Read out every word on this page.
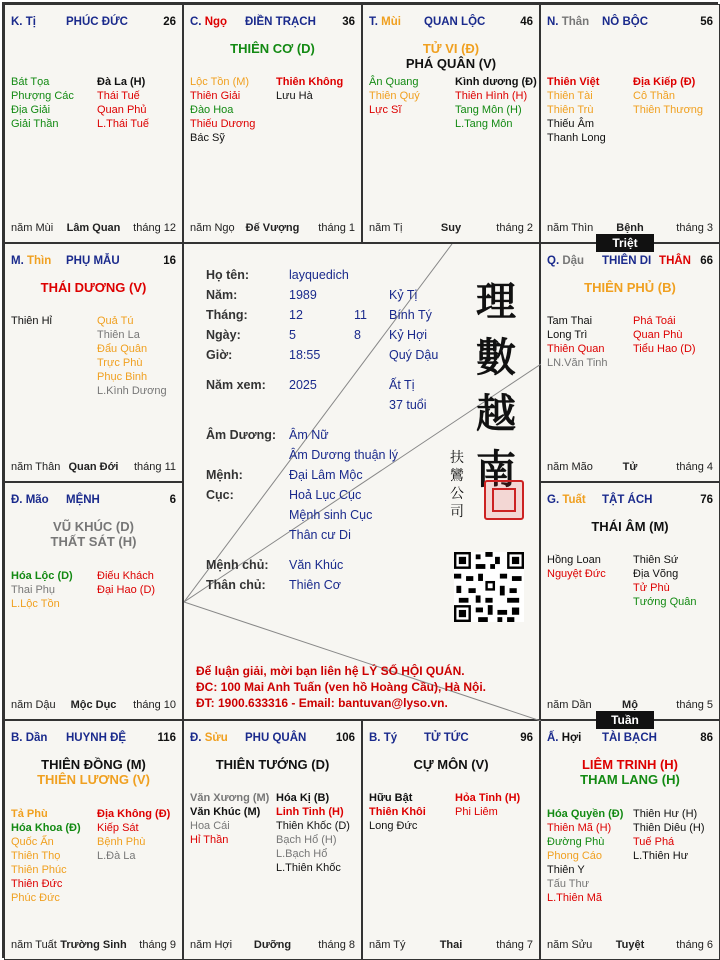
K. Tị	PHÚC ĐỨC	26
Bát Tọa
Phượng Các
Địa Giải
Giải Thần
Đà La (H)
Thái Tuế
Quan Phủ
L.Thái Tuế
Lâm Quan
năm Mùi	tháng 12
C. Ngọ ĐIỀN TRẠCH 36
THIÊN CƠ (D)
Lộc Tồn (M)
Thiên Giải
Đào Hoa
Thiếu Dương
Bác Sỹ
Thiên Không
Lưu Hà
Đế Vượng
năm Ngọ	tháng 1
T. Mùi QUAN LỘC	46
TỬ VI (Đ)
PHÁ QUÂN (V)
Ân Quang
Thiên Quý
Lực Sĩ
Kình dương (Đ)
Thiên Hình (H)
Tang Môn (H)
L.Tang Môn
Suy
năm Tị	tháng 2
N. Thân NÔ BỘC	56
Thiên Việt
Thiên Tài
Thiên Trù
Thiếu Âm
Thanh Long
Địa Kiếp (Đ)
Cô Thần
Thiên Thương
Bệnh
năm Thìn	tháng 3
Q. Dậu THIÊN DI THÂN 66
THIÊN PHỦ (B)
Tam Thai
Long Trì
Thiên Quan
LN.Văn Tinh
Phá Toái
Quan Phù
Tiểu Hao (D)
Tử
năm Mão	tháng 4
G. Tuất TẬT ÁCH	76
THÁI ÂM (M)
Hồng Loan
Nguyệt Đức
Thiên Sứ
Địa Võng
Tử Phù
Tướng Quân
Mộ
năm Dần	tháng 5
Ấ. Hợi TÀI BẠCH	86
LIÊM TRINH (H)
THAM LANG (H)
Hóa Quyền (Đ)
Thiên Mã (H)
Đường Phù
Phong Cáo
Thiên Y
Tấu Thư
L.Thiên Mã
Thiên Hư (H)
Thiên Diêu (H)
Tuế Phá
L.Thiên Hư
Tuyệt
năm Sửu	tháng 6
B. Tý TỬ TỨC	96
CỰ MÔN (V)
Hữu Bật
Thiên Khôi
Long Đức
Hỏa Tinh (H)
Phi Liêm
Thai
năm Tý	tháng 7
Đ. Sửu PHU QUÂN	106
THIÊN TƯỚNG (D)
Văn Xương (M)
Văn Khúc (M)
Hoa Cái
Hỉ Thần
Hóa Kị (B)
Linh Tinh (H)
Thiên Khốc (D)
Bạch Hổ (H)
L.Bạch Hổ
L.Thiên Khốc
Dưỡng
năm Hợi	tháng 8
B. Dần HUYNH ĐỆ	116
THIÊN ĐỒNG (M)
THIÊN LƯƠNG (V)
Tả Phù
Hóa Khoa (Đ)
Quốc Ấn
Thiên Thọ
Thiên Phúc
Thiên Đức
Phúc Đức
Địa Không (Đ)
Kiếp Sát
Bệnh Phù
L.Đà La
Trường Sinh
năm Tuất	tháng 9
Đ. Mão MỆNH	6
VŨ KHÚC (D)
THẤT SÁT (H)
Hóa Lộc (D)
Thai Phụ
L.Lộc Tồn
Điếu Khách
Đại Hao (D)
Mộc Dục
năm Dậu	tháng 10
M. Thìn PHỤ MẪU	16
THÁI DƯƠNG (V)
Thiên Hỉ	Quả Tú
Thiên La
Đẩu Quân
Trực Phù
Phục Binh
L.Kình Dương
Quan Đới
năm Thân	tháng 11
Họ tên:	layquedich
Năm:	1989	Kỷ Tị
Tháng:	12	11 Bính Tý
Ngày:	5	8 Kỷ Hợi
Giờ:	18:55	Quý Dậu
Năm xem: 2025	Ất Tị
37 tuổi
Âm Dương: Âm Nữ
Âm Dương thuận lý
Mệnh:	Đại Lâm Mộc
Cục:	Hoả Lục Cục
Mệnh sinh Cục
Thân cư Di
Mệnh chủ: Văn Khúc
Thân chủ: Thiên Cơ
理
數
越
南
扶鸞公司
Để luận giải, mời bạn liên hệ LÝ SỐ HỘI QUÁN.
ĐC: 100 Mai Anh Tuấn (ven hồ Hoàng Cầu), Hà Nội.
ĐT: 1900.633316 - Email: bantuvan@lyso.vn.
Triệt
Tuần
